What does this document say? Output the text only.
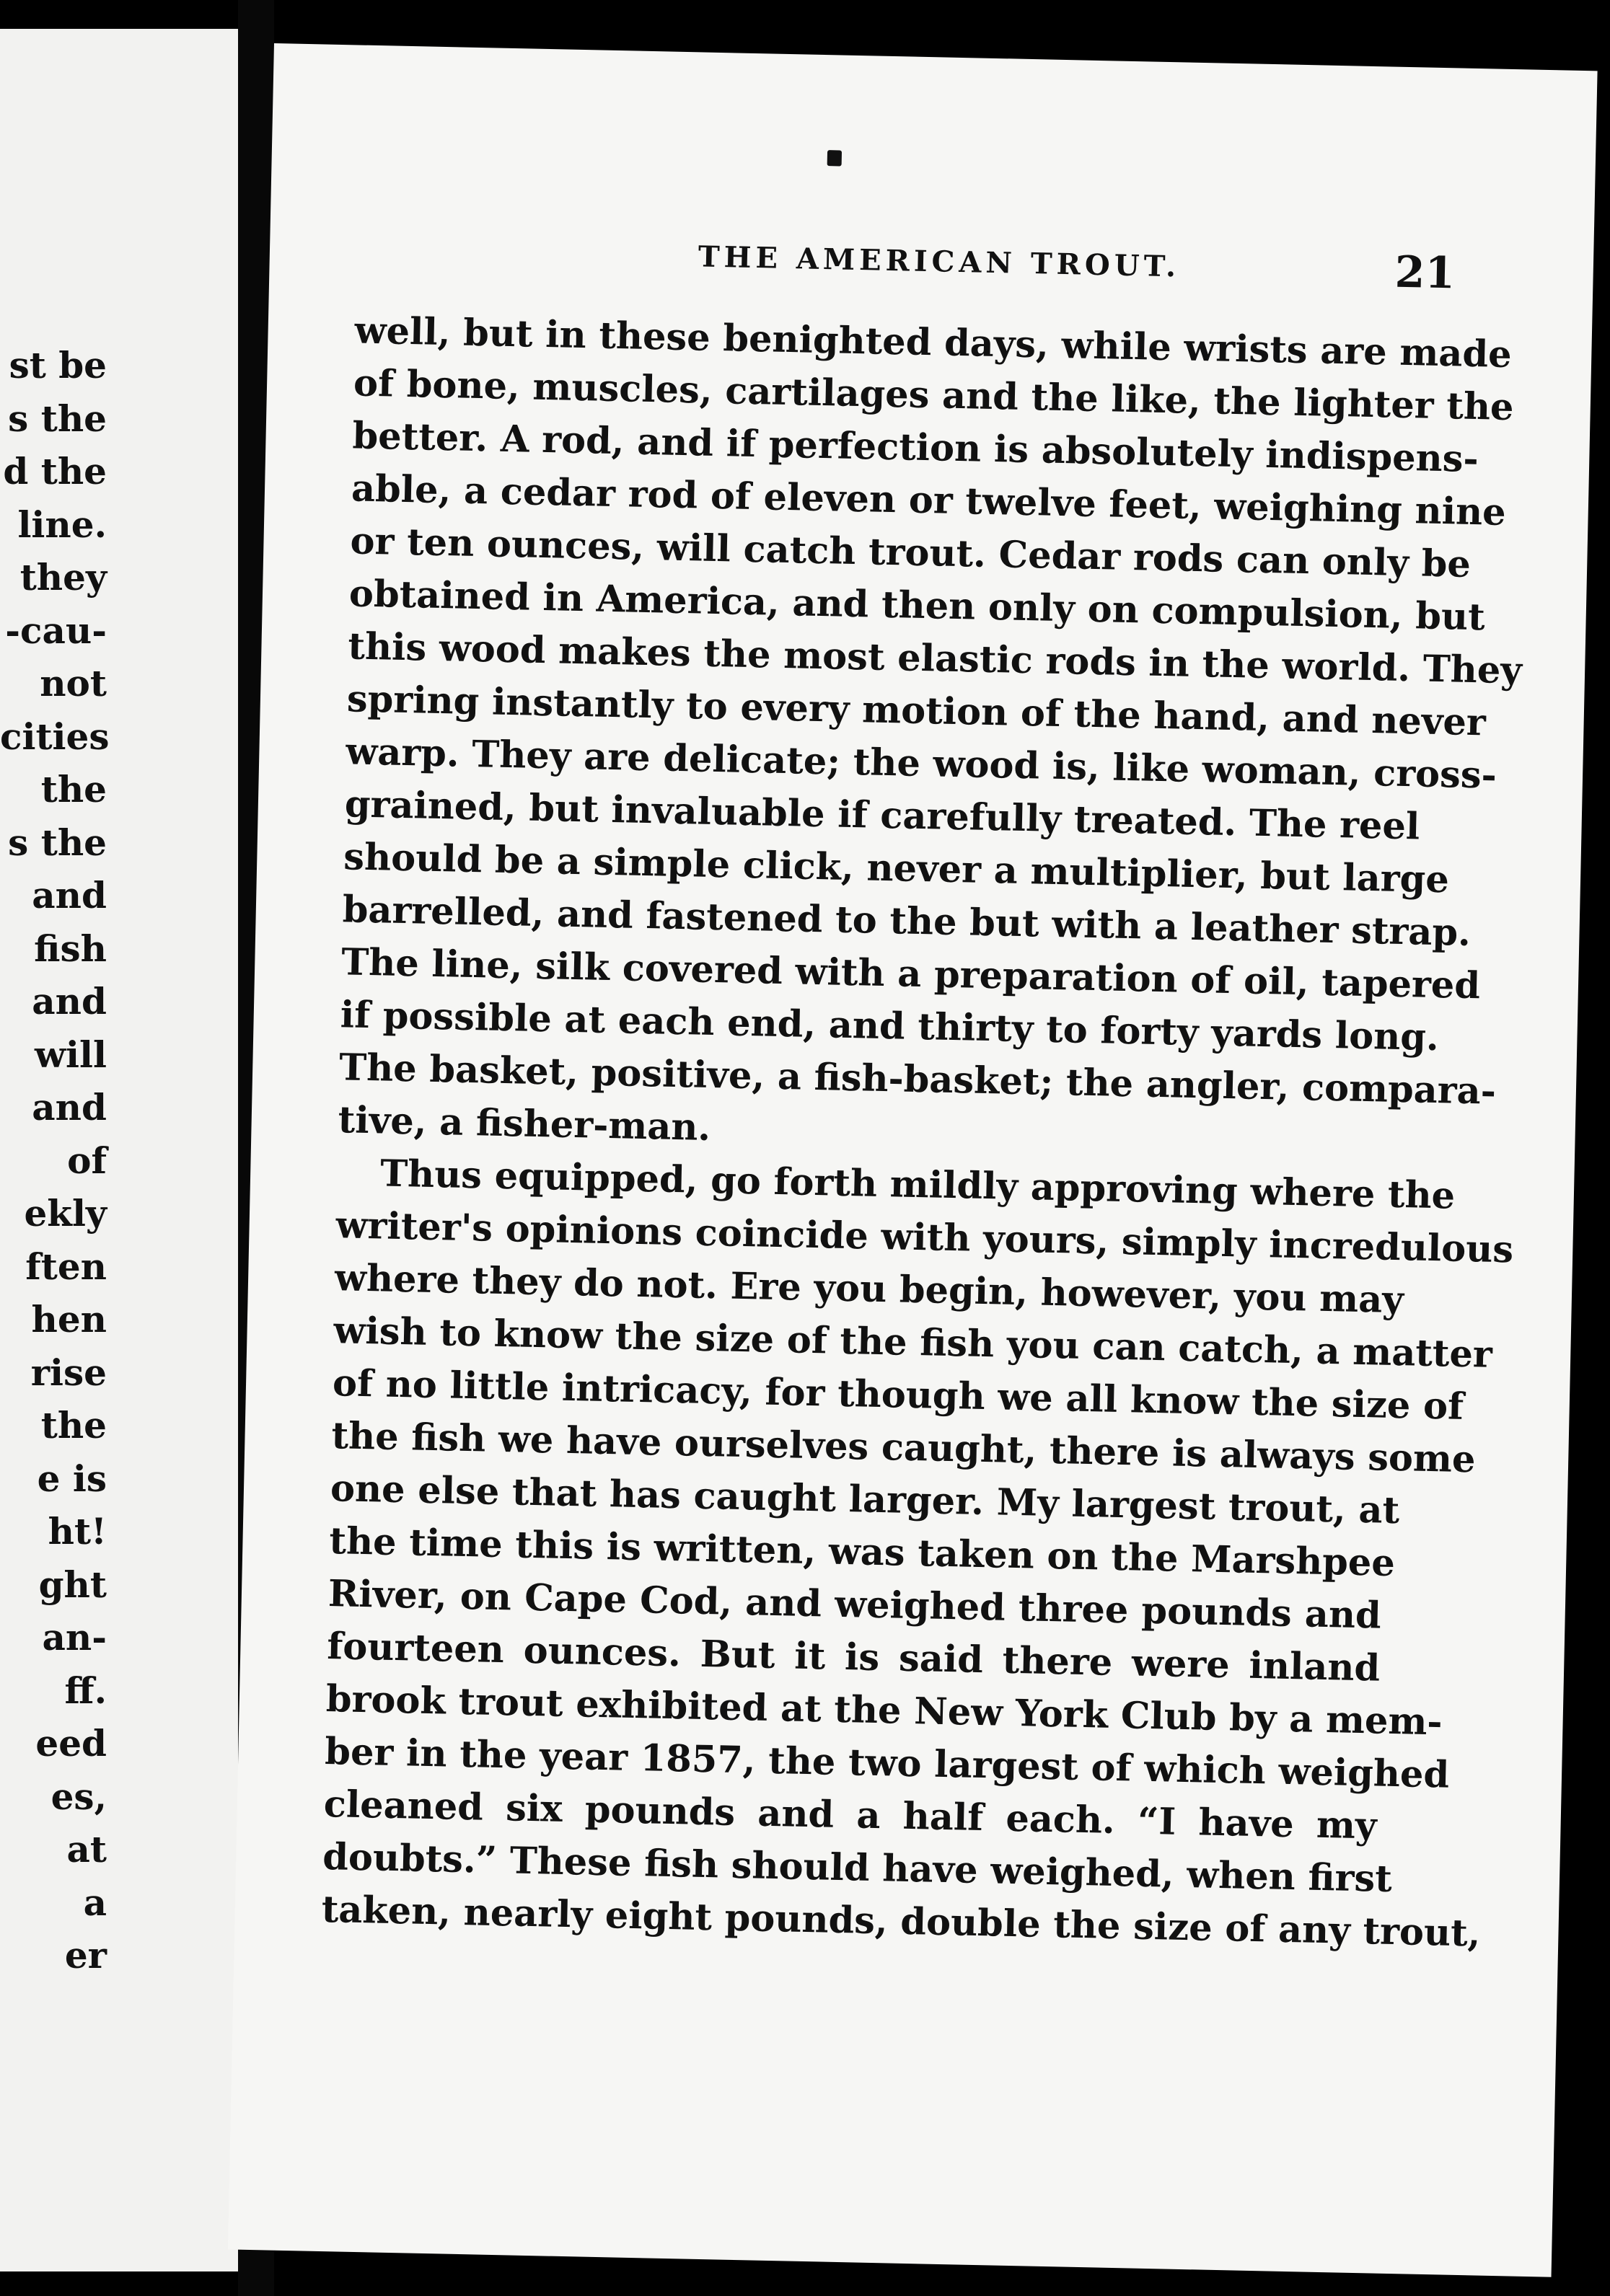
st be
s the
d the
line.
they
-cau-
not
cities
the
s the
and
fish
and
will
and
of
ekly
ften
hen
rise
the
e is
ht!
ght
an-
ff.
eed
es,
at
a
er
THE AMERICAN TROUT.	21
well, but in these benighted days, while wrists are made
of bone, muscles, cartilages and the like, the lighter the
better. A rod, and if perfection is absolutely indispens-
able, a cedar rod of eleven or twelve feet, weighing nine
or ten ounces, will catch trout. Cedar rods can only be
obtained in America, and then only on compulsion, but
this wood makes the most elastic rods in the world. They
spring instantly to every motion of the hand, and never
warp. They are delicate; the wood is, like woman, cross-
grained, but invaluable if carefully treated. The reel
should be a simple click, never a multiplier, but large
barrelled, and fastened to the but with a leather strap.
The line, silk covered with a preparation of oil, tapered
if possible at each end, and thirty to forty yards long.
The basket, positive, a fish-basket; the angler, compara-
tive, a fisher-man.
Thus equipped, go forth mildly approving where the
writer's opinions coincide with yours, simply incredulous
where they do not. Ere you begin, however, you may
wish to know the size of the fish you can catch, a matter
of no little intricacy, for though we all know the size of
the fish we have ourselves caught, there is always some
one else that has caught larger. My largest trout, at
the time this is written, was taken on the Marshpee
River, on Cape Cod, and weighed three pounds and
fourteen ounces. But it is said there were inland
brook trout exhibited at the New York Club by a mem-
ber in the year 1857, the two largest of which weighed
cleaned six pounds and a half each. “I have my
doubts.” These fish should have weighed, when first
taken, nearly eight pounds, double the size of any trout,
